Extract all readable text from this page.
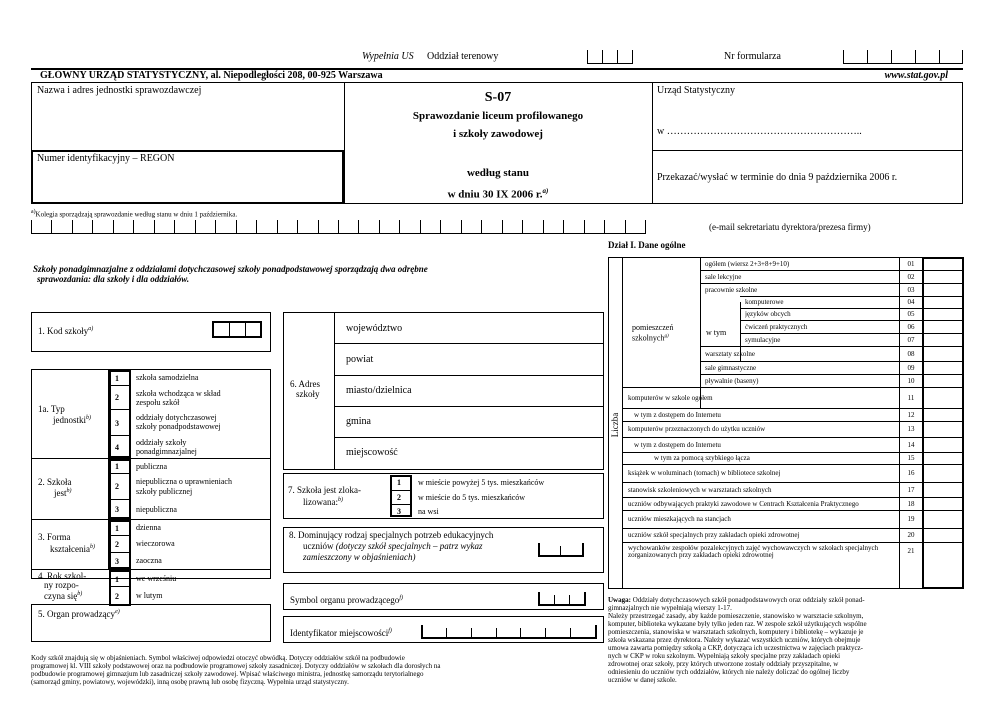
Wypełnia US Oddział terenowy	Nr formularza
GŁÓWNY URZĄD STATYSTYCZNY, al. Niepodległości 208, 00-925 Warszawa	www.stat.gov.pl
Nazwa i adres jednostki sprawozdawczej
Numer identyfikacyjny – REGON
S-07
Sprawozdanie liceum profilowanego
i szkoły zawodowej
według stanu
w dniu 30 IX 2006 r.$^{a)}$
Urząd Statystyczny
w …………………………………………………..
Przekazać/wysłać w terminie do dnia 9 października 2006 r.
$^{a)}$Kolegia sporządzają sprawozdanie według stanu w dniu 1 października.
(e-mail sekretariatu dyrektora/prezesa firmy)
Szkoły ponadgimnazjalne z oddziałami dotychczasowej szkoły ponadpodstawowej sporządzają dwa odrębne
sprawozdania: dla szkoły i dla oddziałów.
1. Kod szkoły$^{a)}$
1a. Typ
jednostki$^{b)}$
1 szkoła samodzielna
2 szkoła wchodząca w skład
zespołu szkół
3
oddziały dotychczasowej
szkoły ponadpodstawowej
4
oddziały szkoły
ponadgimnazjalnej
2. Szkoła
jest$^{b)}$
1 publiczna
2
niepubliczna o uprawnieniach
szkoły publicznej
3 niepubliczna
3. Forma
kształcenia$^{b)}$
1 dzienna
2 wieczorowa
3 zaoczna
4. Rok szkol-
ny rozpo-
czyna się$^{b)}$
1 we wrześniu
2 w lutym
5. Organ prowadzący$^{e)}$
6. Adres
szkoły
województwo
powiat
miasto/dzielnica
gmina
miejscowość
7. Szkoła jest zloka-
lizowana:$^{b)}$
1 w mieście powyżej 5 tys. mieszkańców
2 w mieście do 5 tys. mieszkańców
3 na wsi
8. Dominujący rodzaj specjalnych potrzeb edukacyjnych
uczniów (dotyczy szkół specjalnych – patrz wykaz
zamieszczony w objaśnieniach)
Symbol organu prowadzącego$^{f)}$
Identyfikator miejscowości$^{f)}$
Kody szkół znajdują się w objaśnieniach. Symbol właściwej odpowiedzi otoczyć obwódką. Dotyczy oddziałów szkół na podbudowie
programowej kl. VIII szkoły podstawowej oraz na podbudowie programowej szkoły zasadniczej. Dotyczy oddziałów w szkołach dla dorosłych na
podbudowie programowej gimnazjum lub zasadniczej szkoły zawodowej. Wpisać właściwego ministra, jednostkę samorządu terytorialnego
(samorząd gminy, powiatowy, wojewódzki), inną osobę prawną lub osobę fizyczną. Wypełnia urząd statystyczny.
Dział I. Dane ogólne
Liczba
pomieszczeń
szkolnych$^{g)}$	w tym
ogółem (wiersz 2+3+8+9+10)	01
sale lekcyjne	02
pracownie szkolne	03
komputerowe	04
języków obcych	05
ćwiczeń praktycznych	06
symulacyjne	07
warsztaty szkolne	08
sale gimnastyczne	09
pływalnie (baseny)	10
komputerów w szkole ogółem	11
w tym z dostępem do Internetu	12
komputerów przeznaczonych do użytku uczniów	13
w tym z dostępem do Internetu	14
w tym za pomocą szybkiego łącza	15
książek w woluminach (tomach) w bibliotece szkolnej	16
stanowisk szkoleniowych w warsztatach szkolnych	17
uczniów odbywających praktyki zawodowe w Centrach Kształcenia Praktycznego	18
uczniów mieszkających na stancjach	19
uczniów szkół specjalnych przy zakładach opieki zdrowotnej	20
wychowanków zespołów pozalekcyjnych zajęć wychowawczych w szkołach specjalnych zorganizowanych przy zakładach opieki zdrowotnej	21
Uwaga: Oddziały dotychczasowych szkół ponadpodstawowych oraz oddziały szkół ponad-
gimnazjalnych nie wypełniają wierszy 1-17.
Należy przestrzegać zasady, aby każde pomieszczenie, stanowisko w warsztacie szkolnym,
komputer, biblioteka wykazane były tylko jeden raz. W zespole szkół użytkujących wspólne
pomieszczenia, stanowiska w warsztatach szkolnych, komputery i bibliotekę – wykazuje je
szkoła wskazana przez dyrektora. Należy wykazać wszystkich uczniów, których obejmuje
umowa zawarta pomiędzy szkołą a CKP, dotycząca ich uczestnictwa w zajęciach praktycz-
nych w CKP w roku szkolnym. Wypełniają szkoły specjalne przy zakładach opieki
zdrowotnej oraz szkoły, przy których utworzone zostały oddziały przyszpitalne, w
odniesieniu do uczniów tych oddziałów, których nie należy doliczać do ogólnej liczby
uczniów w danej szkole.
